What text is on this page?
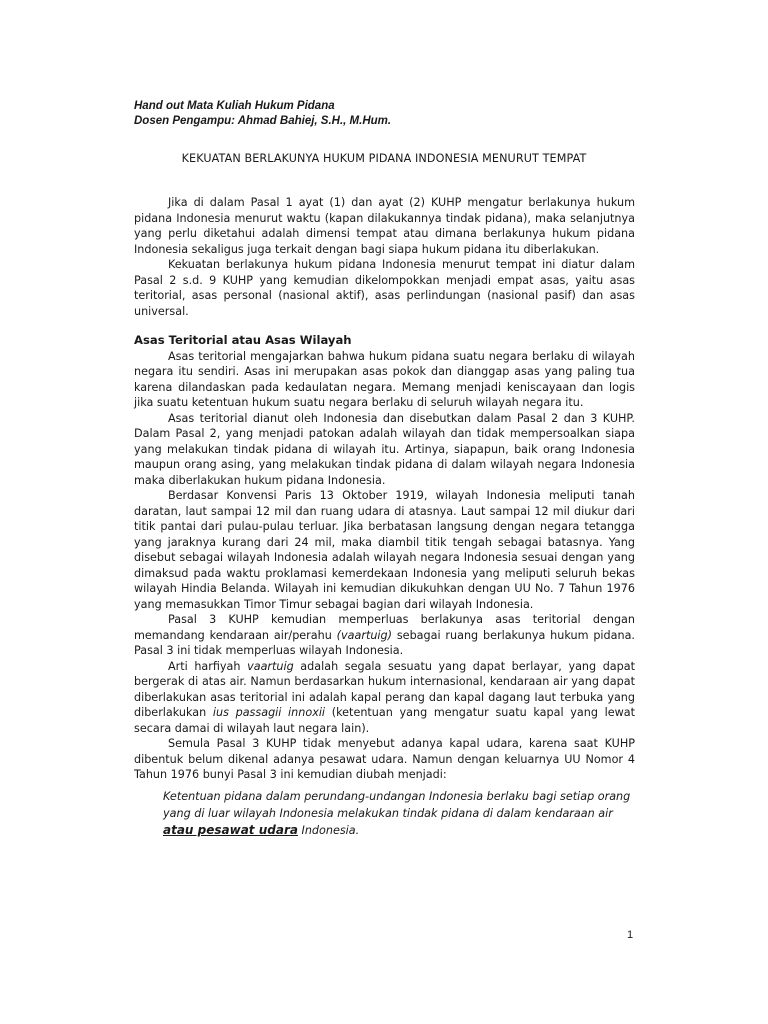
Hand out Mata Kuliah Hukum Pidana
Dosen Pengampu: Ahmad Bahiej, S.H., M.Hum.
KEKUATAN BERLAKUNYA HUKUM PIDANA INDONESIA MENURUT TEMPAT

Jika di dalam Pasal 1 ayat (1) dan ayat (2) KUHP mengatur berlakunya hukum pidana Indonesia menurut waktu (kapan dilakukannya tindak pidana), maka selanjutnya yang perlu diketahui adalah dimensi tempat atau dimana berlakunya hukum pidana Indonesia sekaligus juga terkait dengan bagi siapa hukum pidana itu diberlakukan.

Kekuatan berlakunya hukum pidana Indonesia menurut tempat ini diatur dalam Pasal 2 s.d. 9 KUHP yang kemudian dikelompokkan menjadi empat asas, yaitu asas teritorial, asas personal (nasional aktif), asas perlindungan (nasional pasif) dan asas universal.

Asas Teritorial atau Asas Wilayah

Asas teritorial mengajarkan bahwa hukum pidana suatu negara berlaku di wilayah negara itu sendiri. Asas ini merupakan asas pokok dan dianggap asas yang paling tua karena dilandaskan pada kedaulatan negara. Memang menjadi keniscayaan dan logis jika suatu ketentuan hukum suatu negara berlaku di seluruh wilayah negara itu.

Asas teritorial dianut oleh Indonesia dan disebutkan dalam Pasal 2 dan 3 KUHP. Dalam Pasal 2, yang menjadi patokan adalah wilayah dan tidak mempersoalkan siapa yang melakukan tindak pidana di wilayah itu. Artinya, siapapun, baik orang Indonesia maupun orang asing, yang melakukan tindak pidana di dalam wilayah negara Indonesia maka diberlakukan hukum pidana Indonesia.

Berdasar Konvensi Paris 13 Oktober 1919, wilayah Indonesia meliputi tanah daratan, laut sampai 12 mil dan ruang udara di atasnya. Laut sampai 12 mil diukur dari titik pantai dari pulau-pulau terluar. Jika berbatasan langsung dengan negara tetangga yang jaraknya kurang dari 24 mil, maka diambil titik tengah sebagai batasnya. Yang disebut sebagai wilayah Indonesia adalah wilayah negara Indonesia sesuai dengan yang dimaksud pada waktu proklamasi kemerdekaan Indonesia yang meliputi seluruh bekas wilayah Hindia Belanda. Wilayah ini kemudian dikukuhkan dengan UU No. 7 Tahun 1976 yang memasukkan Timor Timur sebagai bagian dari wilayah Indonesia.

Pasal 3 KUHP kemudian memperluas berlakunya asas teritorial dengan memandang kendaraan air/perahu (vaartuig) sebagai ruang berlakunya hukum pidana. Pasal 3 ini tidak memperluas wilayah Indonesia.

Arti harfiyah vaartuig adalah segala sesuatu yang dapat berlayar, yang dapat bergerak di atas air. Namun berdasarkan hukum internasional, kendaraan air yang dapat diberlakukan asas teritorial ini adalah kapal perang dan kapal dagang Iaut terbuka yang diberlakukan ius passagii innoxii (ketentuan yang mengatur suatu kapal yang lewat secara damai di wilayah laut negara lain).

Semula Pasal 3 KUHP tidak menyebut adanya kapal udara, karena saat KUHP dibentuk belum dikenal adanya pesawat udara. Namun dengan keluarnya UU Nomor 4 Tahun 1976 bunyi Pasal 3 ini kemudian diubah menjadi:

Ketentuan pidana dalam perundang-undangan Indonesia berlaku bagi setiap orang yang di luar wilayah Indonesia melakukan tindak pidana di dalam kendaraan air atau pesawat udara Indonesia.
1
